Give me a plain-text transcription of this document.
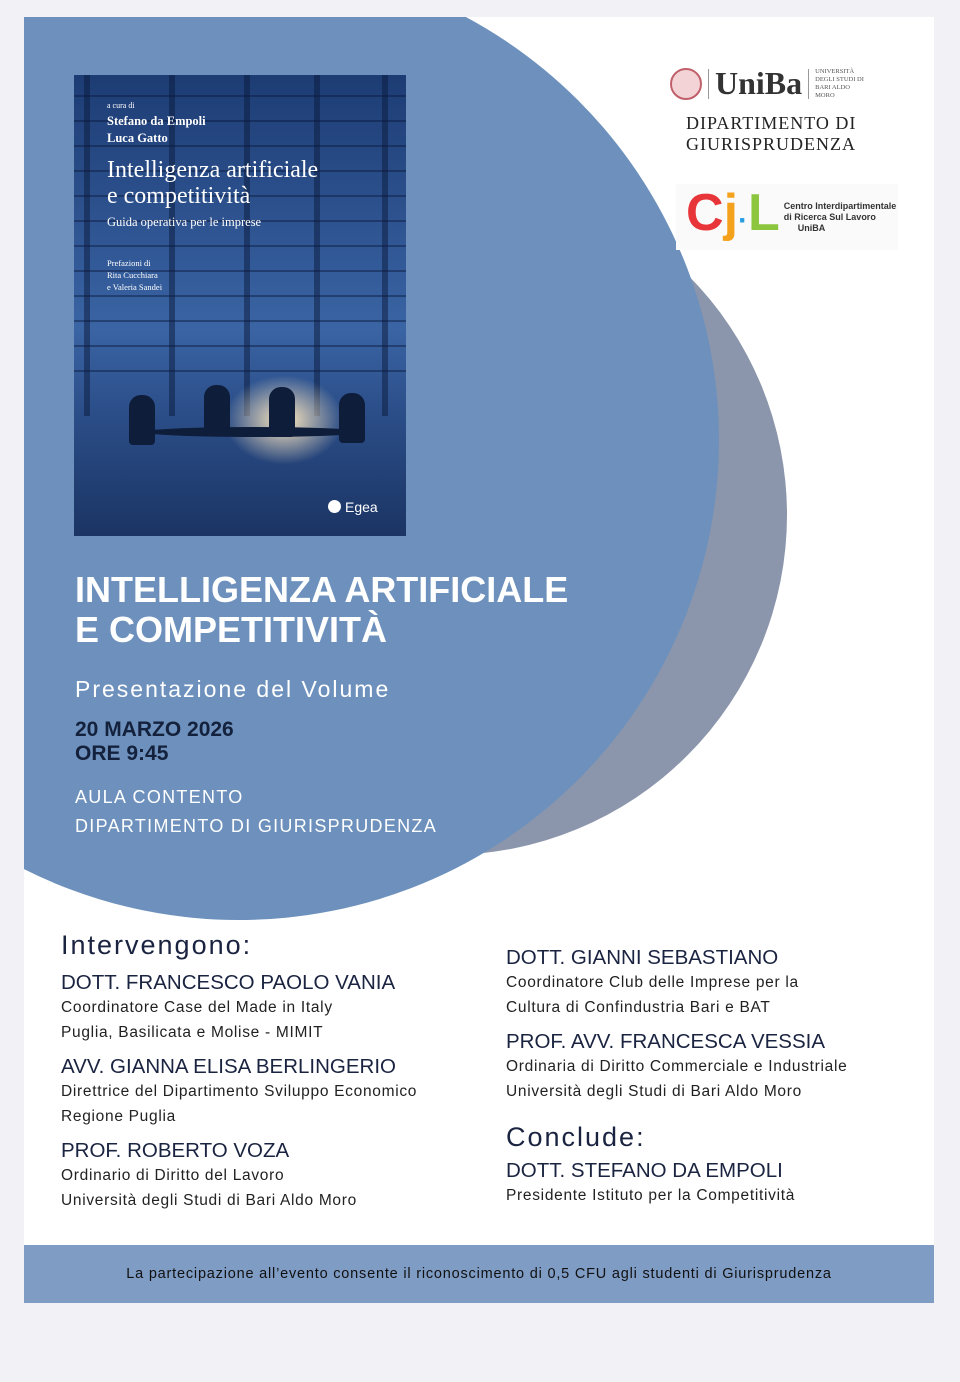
a cura di
Stefano da Empoli
Luca Gatto
Intelligenza artificiale
e competitività
Guida operativa per le imprese
Prefazioni di
Rita Cucchiara
e Valeria Sandei
Egea
UniBa UNIVERSITÀ DEGLI STUDI DI BARI ALDO MORO
DIPARTIMENTO DI
GIURISPRUDENZA
Cj·L Centro Interdipartimentale
di Ricerca Sul Lavoro
UniBA
INTELLIGENZA ARTIFICIALE
E COMPETITIVITÀ
Presentazione del Volume
20 MARZO 2026
ORE 9:45
AULA CONTENTO
DIPARTIMENTO DI GIURISPRUDENZA
Intervengono:
DOTT. FRANCESCO PAOLO VANIA
Coordinatore Case del Made in Italy
Puglia, Basilicata e Molise - MIMIT
AVV. GIANNA ELISA BERLINGERIO
Direttrice del Dipartimento Sviluppo Economico
Regione Puglia
PROF. ROBERTO VOZA
Ordinario di Diritto del Lavoro
Università degli Studi di Bari Aldo Moro
DOTT. GIANNI SEBASTIANO
Coordinatore Club delle Imprese per la
Cultura di Confindustria Bari e BAT
PROF. AVV. FRANCESCA VESSIA
Ordinaria di Diritto Commerciale e Industriale
Università degli Studi di Bari Aldo Moro
Conclude:
DOTT. STEFANO DA EMPOLI
Presidente Istituto per la Competitività
La partecipazione all’evento consente il riconoscimento di 0,5 CFU agli studenti di Giurisprudenza
